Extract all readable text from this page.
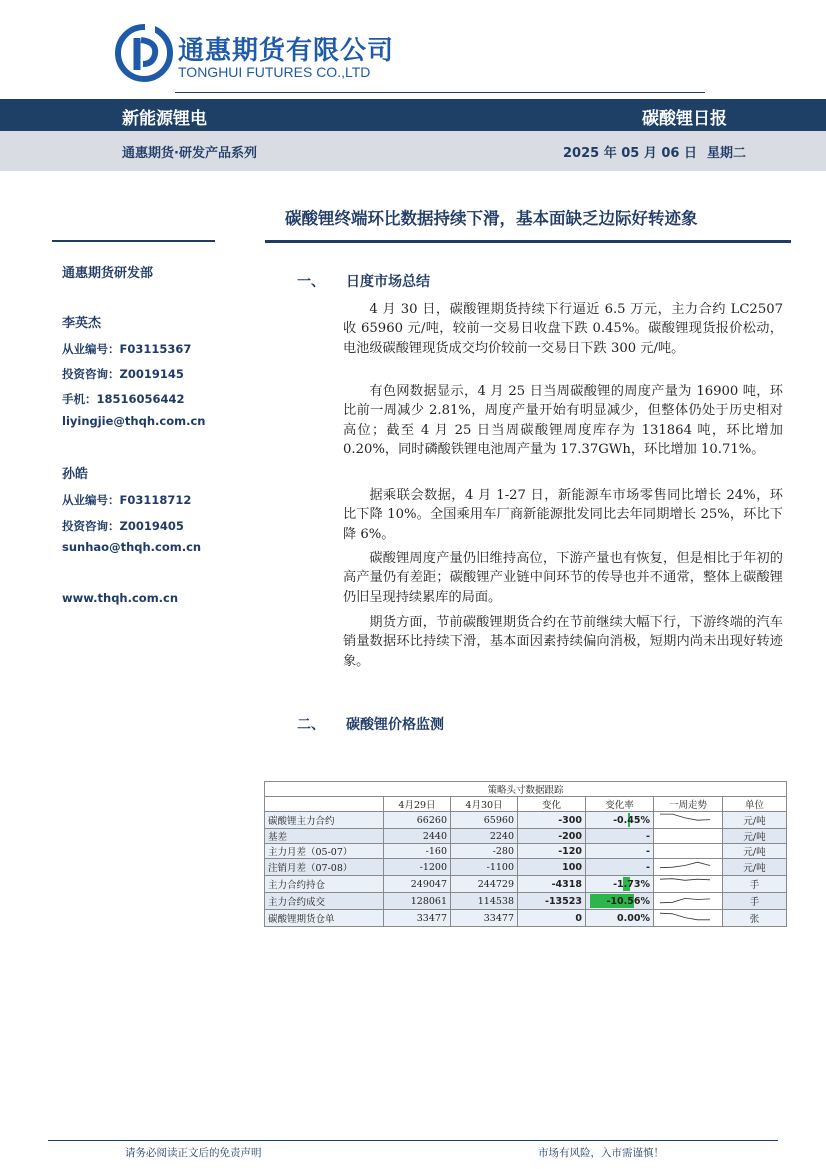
通惠期货有限公司
TONGHUI FUTURES CO.,LTD
新能源锂电	碳酸锂日报
通惠期货·研发产品系列	2025 年 05 月 06 日 星期二
碳酸锂终端环比数据持续下滑，基本面缺乏边际好转迹象
通惠期货研发部
李英杰
从业编号：F03115367
投资咨询：Z0019145
手机：18516056442
liyingjie@thqh.com.cn
孙皓
从业编号：F03118712
投资咨询：Z0019405
sunhao@thqh.com.cn
www.thqh.com.cn
一、 日度市场总结

4 月 30 日，碳酸锂期货持续下行逼近 6.5 万元，主力合约 LC2507 收 65960 元/吨，较前一交易日收盘下跌 0.45%。碳酸锂现货报价松动，电池级碳酸锂现货成交均价较前一交易日下跌 300 元/吨。

有色网数据显示，4 月 25 日当周碳酸锂的周度产量为 16900 吨，环比前一周减少 2.81%，周度产量开始有明显减少，但整体仍处于历史相对高位；截至 4 月 25 日当周碳酸锂周度库存为 131864 吨，环比增加 0.20%，同时磷酸铁锂电池周产量为 17.37GWh，环比增加 10.71%。

据乘联会数据，4 月 1-27 日，新能源车市场零售同比增长 24%，环比下降 10%。全国乘用车厂商新能源批发同比去年同期增长 25%，环比下降 6%。

碳酸锂周度产量仍旧维持高位，下游产量也有恢复，但是相比于年初的高产量仍有差距；碳酸锂产业链中间环节的传导也并不通常，整体上碳酸锂仍旧呈现持续累库的局面。

期货方面，节前碳酸锂期货合约在节前继续大幅下行，下游终端的汽车销量数据环比持续下滑，基本面因素持续偏向消极，短期内尚未出现好转迹象。

二、 碳酸锂价格监测
策略头寸数据跟踪						
	4月29日	4月30日	变化	变化率	一周走势	单位
碳酸锂主力合约	66260	65960	-300	-0.45%		元/吨
基差	2440	2240	-200	-		元/吨
主力月差（05-07）	-160	-280	-120	-		元/吨
注销月差（07-08）	-1200	-1100	100	-		元/吨
主力合约持仓	249047	244729	-4318	-1.73%		手
主力合约成交	128061	114538	-13523	-10.56%		手
碳酸锂期货仓单	33477	33477	0	0.00%		张
请务必阅读正文后的免责声明	市场有风险，入市需谨慎！
